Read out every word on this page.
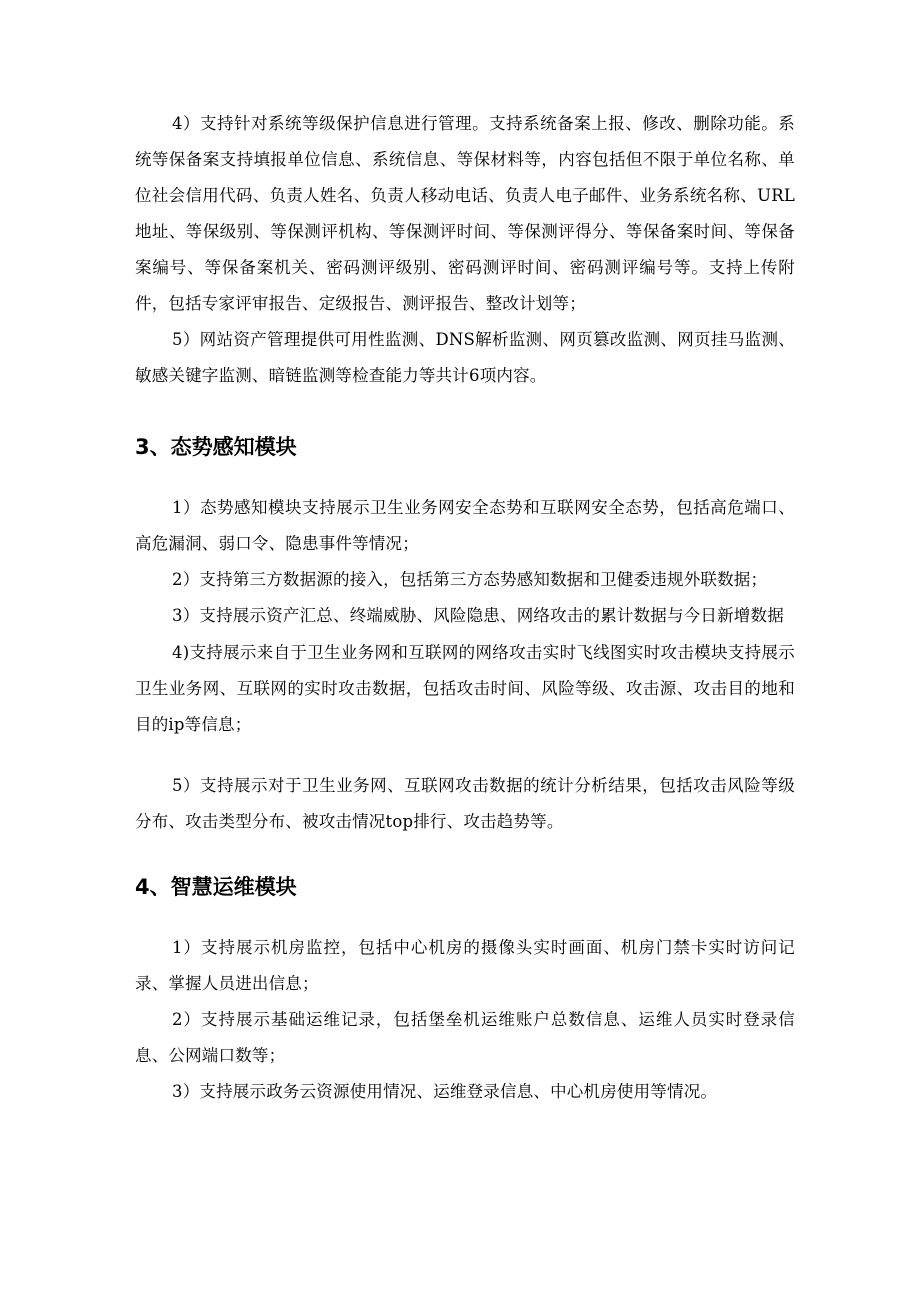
4）支持针对系统等级保护信息进行管理。支持系统备案上报、修改、删除功能。系统等保备案支持填报单位信息、系统信息、等保材料等，内容包括但不限于单位名称、单位社会信用代码、负责人姓名、负责人移动电话、负责人电子邮件、业务系统名称、URL地址、等保级别、等保测评机构、等保测评时间、等保测评得分、等保备案时间、等保备案编号、等保备案机关、密码测评级别、密码测评时间、密码测评编号等。支持上传附件，包括专家评审报告、定级报告、测评报告、整改计划等；

5）网站资产管理提供可用性监测、DNS解析监测、网页篡改监测、网页挂马监测、敏感关键字监测、暗链监测等检查能力等共计6项内容。

3、态势感知模块

1）态势感知模块支持展示卫生业务网安全态势和互联网安全态势，包括高危端口、高危漏洞、弱口令、隐患事件等情况；

2）支持第三方数据源的接入，包括第三方态势感知数据和卫健委违规外联数据；

3）支持展示资产汇总、终端威胁、风险隐患、网络攻击的累计数据与今日新增数据

4)支持展示来自于卫生业务网和互联网的网络攻击实时飞线图实时攻击模块支持展示卫生业务网、互联网的实时攻击数据，包括攻击时间、风险等级、攻击源、攻击目的地和目的ip等信息；

5）支持展示对于卫生业务网、互联网攻击数据的统计分析结果，包括攻击风险等级分布、攻击类型分布、被攻击情况top排行、攻击趋势等。

4、智慧运维模块

1）支持展示机房监控，包括中心机房的摄像头实时画面、机房门禁卡实时访问记录、掌握人员进出信息；

2）支持展示基础运维记录，包括堡垒机运维账户总数信息、运维人员实时登录信息、公网端口数等；

3）支持展示政务云资源使用情况、运维登录信息、中心机房使用等情况。
